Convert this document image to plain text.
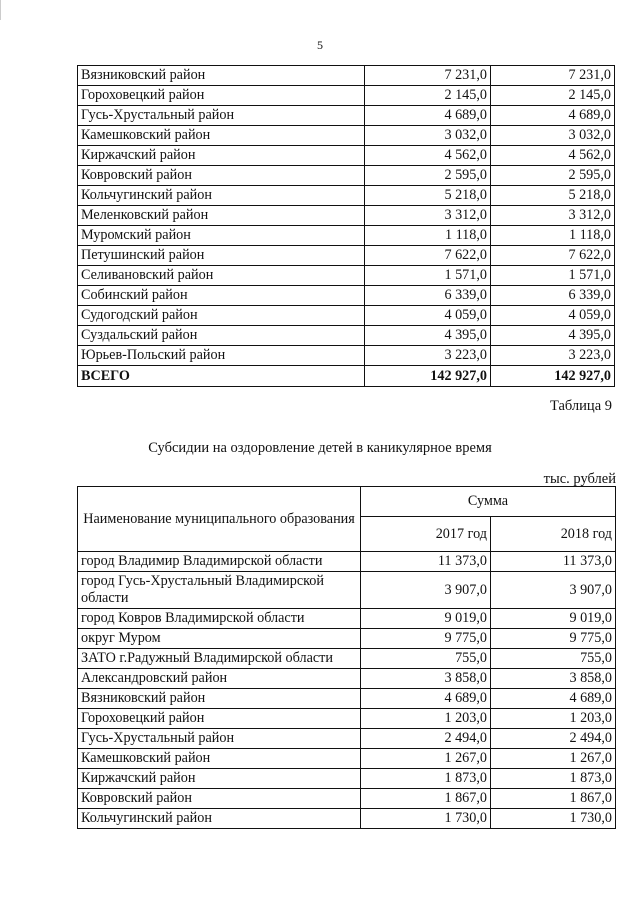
5
Вязниковский район	7 231,0	7 231,0
Гороховецкий район	2 145,0	2 145,0
Гусь-Хрустальный район	4 689,0	4 689,0
Камешковский район	3 032,0	3 032,0
Киржачский район	4 562,0	4 562,0
Ковровский район	2 595,0	2 595,0
Кольчугинский район	5 218,0	5 218,0
Меленковский район	3 312,0	3 312,0
Муромский район	1 118,0	1 118,0
Петушинский район	7 622,0	7 622,0
Селивановский район	1 571,0	1 571,0
Собинский район	6 339,0	6 339,0
Судогодский район	4 059,0	4 059,0
Суздальский район	4 395,0	4 395,0
Юрьев-Польский район	3 223,0	3 223,0
ВСЕГО	142 927,0	142 927,0
Таблица 9
Субсидии на оздоровление детей в каникулярное время
тыс. рублей
Наименование муниципального образования	Сумма	
	2017 год	2018 год
город Владимир Владимирской области	11 373,0	11 373,0
город Гусь-Хрустальный Владимирской области	3 907,0	3 907,0
город Ковров Владимирской области	9 019,0	9 019,0
округ Муром	9 775,0	9 775,0
ЗАТО г.Радужный Владимирской области	755,0	755,0
Александровский район	3 858,0	3 858,0
Вязниковский район	4 689,0	4 689,0
Гороховецкий район	1 203,0	1 203,0
Гусь-Хрустальный район	2 494,0	2 494,0
Камешковский район	1 267,0	1 267,0
Киржачский район	1 873,0	1 873,0
Ковровский район	1 867,0	1 867,0
Кольчугинский район	1 730,0	1 730,0
